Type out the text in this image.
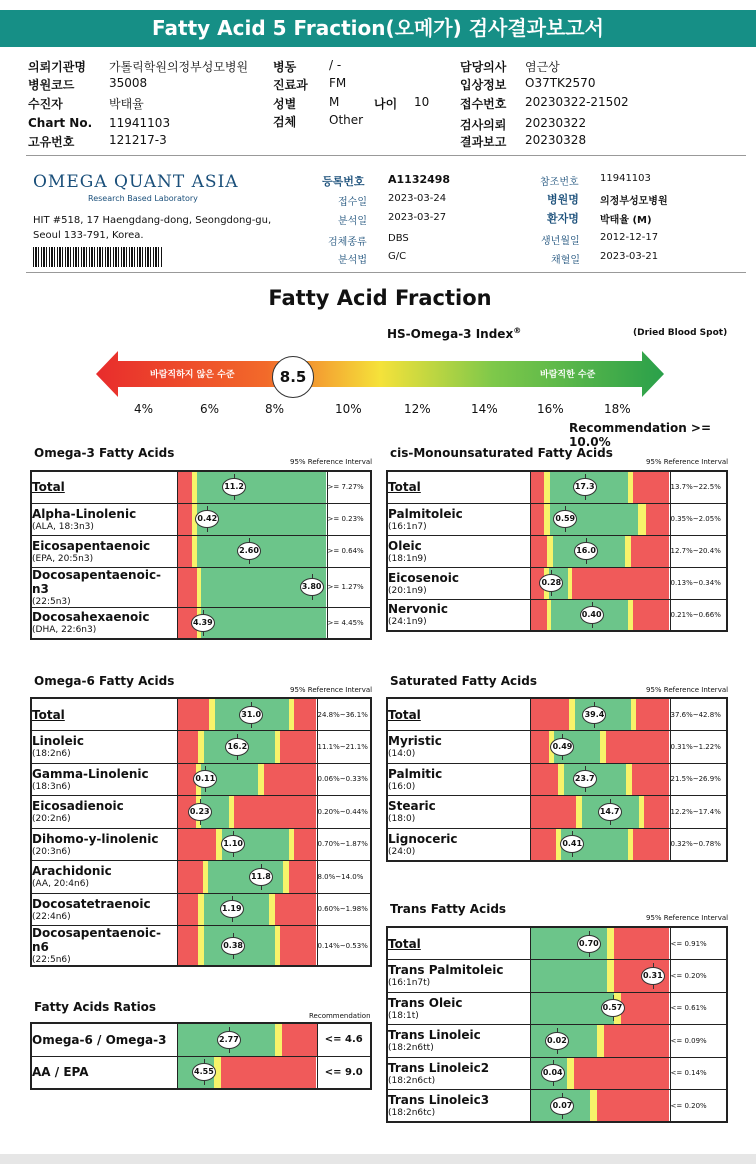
Fatty Acid 5 Fraction(오메가) 검사결과보고서
의뢰기관명 가톨릭학원의정부성모병원
병원코드	35008
수진자	박태율
Chart No. 11941103
고유번호	121217-3
병동	/ -
진료과 FM
성별	M	나이 10
검체	Other
담당의사 염근상
입상정보 O37TK2570
접수번호 20230322-21502
검사의뢰 20230322
결과보고 20230328
OMEGA QUANT ASIA
Research Based Laboratory
HIT #518, 17 Haengdang-dong, Seongdong-gu,
Seoul 133-791, Korea.
등록번호 A1132498
접수일 2023-03-24
분석일 2023-03-27
검체종류 DBS
분석법 G/C
참조번호 11941103
병원명 의정부성모병원
환자명 박태율 (M)
생년월일 2012-12-17
채혈일 2023-03-21
Fatty Acid Fraction
HS-Omega-3 Index®	(Dried Blood Spot)
바람직하지 않은 수준	바람직한 수준
8.5
4%	6%	8%	10%	12%	14%	16%	18%
Recommendation >= 10.0%
Omega-3 Fatty Acids
95% Reference Interval
Total	11.2	>= 7.27%

Alpha-Linolenic
(ALA, 18:3n3)	0.42	>= 0.23%

Eicosapentaenoic
(EPA, 20:5n3)	2.60	>= 0.64%

Docosapentaenoic-n3
(22:5n3)	3.80	>= 1.27%

Docosahexaenoic
(DHA, 22:6n3)	4.39	>= 4.45%
cis-Monounsaturated Fatty Acids
95% Reference Interval
Total	17.3	13.7%~22.5%

Palmitoleic
(16:1n7)	0.59	0.35%~2.05%

Oleic
(18:1n9)	16.0	12.7%~20.4%

Eicosenoic
(20:1n9)	0.28	0.13%~0.34%

Nervonic
(24:1n9)	0.40	0.21%~0.66%
Omega-6 Fatty Acids
95% Reference Interval
Total	31.0	24.8%~36.1%

Linoleic
(18:2n6)	16.2	11.1%~21.1%

Gamma-Linolenic
(18:3n6)	0.11	0.06%~0.33%

Eicosadienoic
(20:2n6)	0.23	0.20%~0.44%

Dihomo-y-linolenic
(20:3n6)	1.10	0.70%~1.87%

Arachidonic
(AA, 20:4n6)	11.8	8.0%~14.0%

Docosatetraenoic
(22:4n6)	1.19	0.60%~1.98%

Docosapentaenoic-n6
(22:5n6)	0.38	0.14%~0.53%
Saturated Fatty Acids
95% Reference Interval
Total	39.4	37.6%~42.8%

Myristic
(14:0)	0.49	0.31%~1.22%

Palmitic
(16:0)	23.7	21.5%~26.9%

Stearic
(18:0)	14.7	12.2%~17.4%

Lignoceric
(24:0)	0.41	0.32%~0.78%
Fatty Acids Ratios
Recommendation
Omega-6 / Omega-3	2.77	<= 4.6

AA / EPA	4.55	<= 9.0
Trans Fatty Acids
95% Reference Interval
Total	0.70	<= 0.91%

Trans Palmitoleic
(16:1n7t)	0.31	<= 0.20%

Trans Oleic
(18:1t)	0.57	<= 0.61%

Trans Linoleic
(18:2n6tt)	0.02	<= 0.09%

Trans Linoleic2
(18:2n6ct)	0.04	<= 0.14%

Trans Linoleic3
(18:2n6tc)	0.07	<= 0.20%
